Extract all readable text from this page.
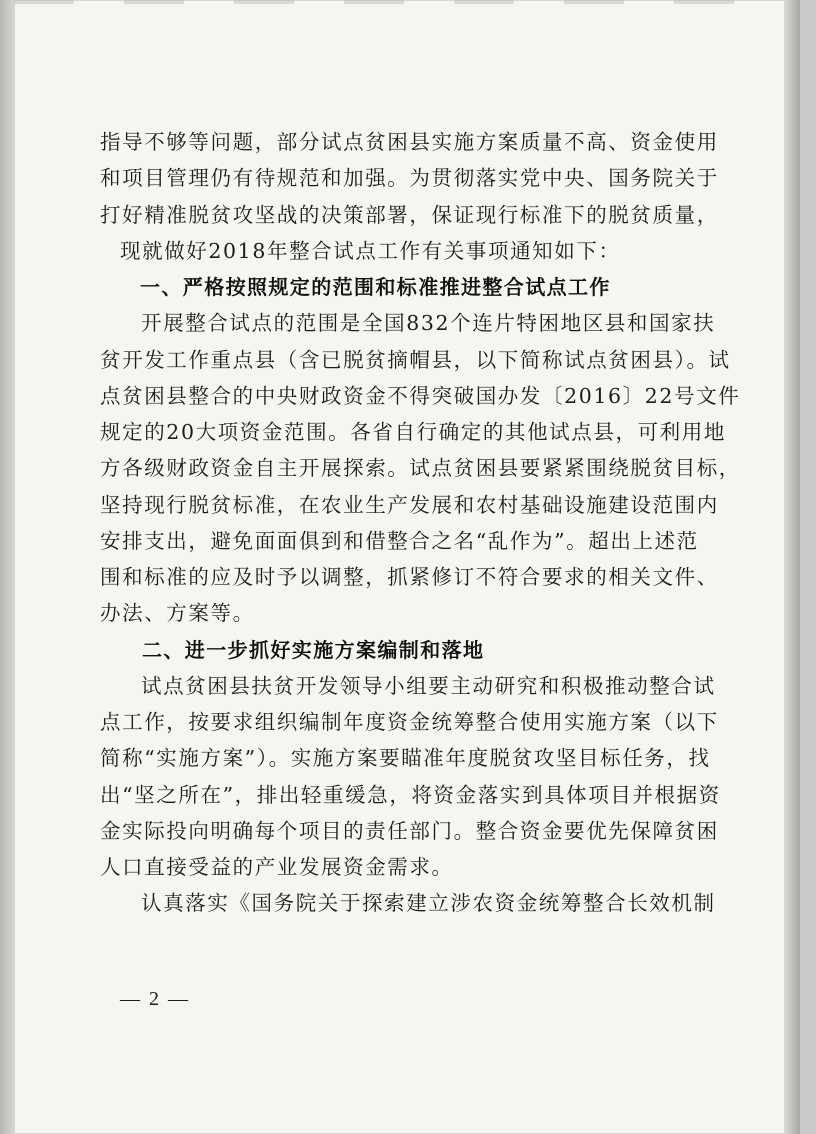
指导不够等问题，部分试点贫困县实施方案质量不高、资金使用
和项目管理仍有待规范和加强。为贯彻落实党中央、国务院关于
打好精准脱贫攻坚战的决策部署，保证现行标准下的脱贫质量，
现就做好2018年整合试点工作有关事项通知如下：
一、严格按照规定的范围和标准推进整合试点工作
开展整合试点的范围是全国832个连片特困地区县和国家扶
贫开发工作重点县（含已脱贫摘帽县，以下简称试点贫困县）。试
点贫困县整合的中央财政资金不得突破国办发〔2016〕22号文件
规定的20大项资金范围。各省自行确定的其他试点县，可利用地
方各级财政资金自主开展探索。试点贫困县要紧紧围绕脱贫目标，
坚持现行脱贫标准，在农业生产发展和农村基础设施建设范围内
安排支出，避免面面俱到和借整合之名“乱作为”。超出上述范
围和标准的应及时予以调整，抓紧修订不符合要求的相关文件、
办法、方案等。
二、进一步抓好实施方案编制和落地
试点贫困县扶贫开发领导小组要主动研究和积极推动整合试
点工作，按要求组织编制年度资金统筹整合使用实施方案（以下
简称“实施方案”）。实施方案要瞄准年度脱贫攻坚目标任务，找
出“坚之所在”，排出轻重缓急，将资金落实到具体项目并根据资
金实际投向明确每个项目的责任部门。整合资金要优先保障贫困
人口直接受益的产业发展资金需求。
认真落实《国务院关于探索建立涉农资金统筹整合长效机制
— 2 —
